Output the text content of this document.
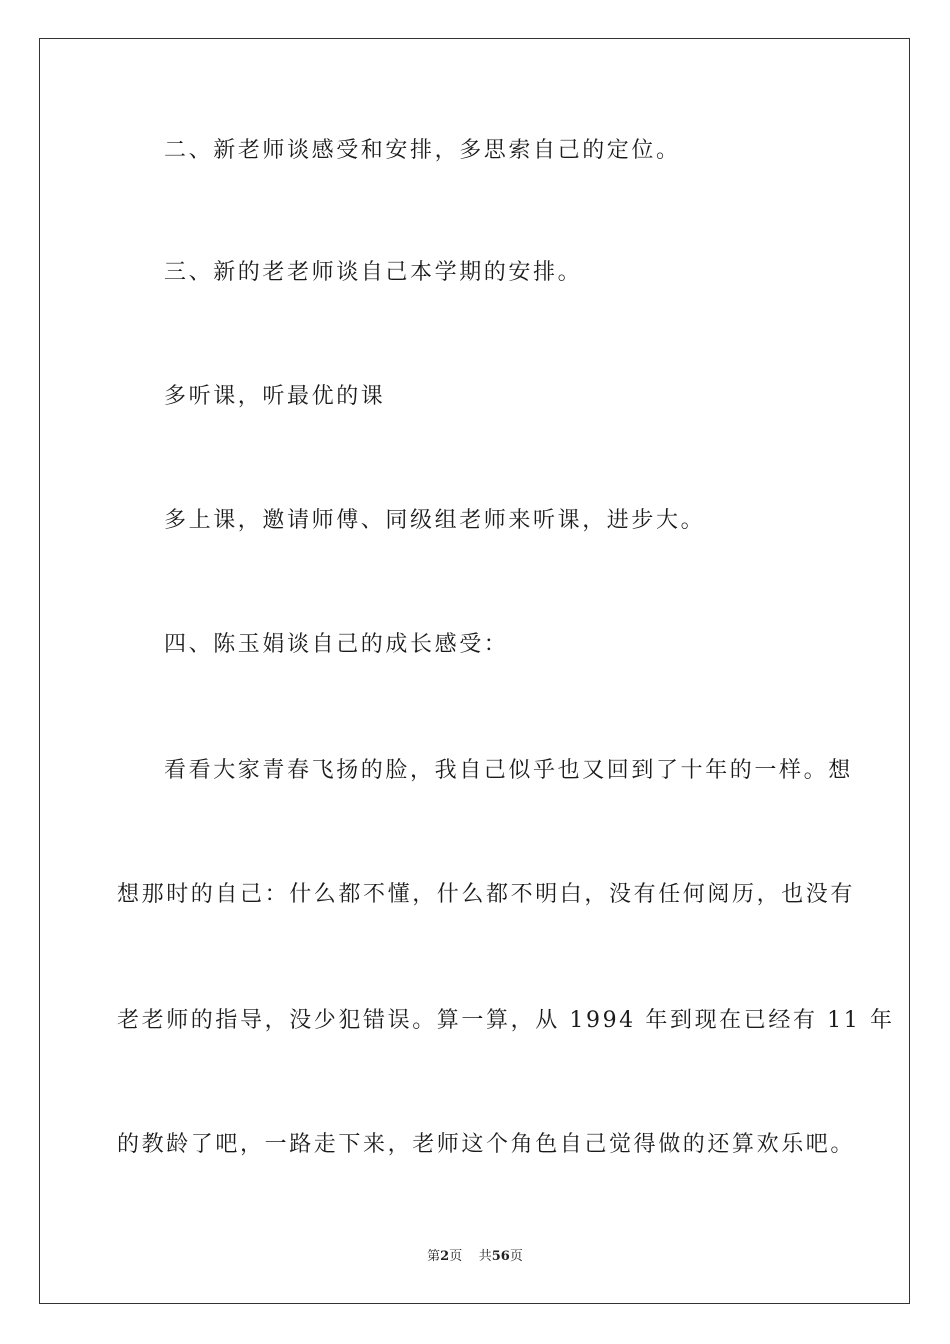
二、新老师谈感受和安排，多思索自己的定位。
三、新的老老师谈自己本学期的安排。
多听课，听最优的课
多上课，邀请师傅、同级组老师来听课，进步大。
四、陈玉娟谈自己的成长感受：
看看大家青春飞扬的脸，我自己似乎也又回到了十年的一样。想
想那时的自己：什么都不懂，什么都不明白，没有任何阅历，也没有
老老师的指导，没少犯错误。算一算，从 1994 年到现在已经有 11 年
的教龄了吧，一路走下来，老师这个角色自己觉得做的还算欢乐吧。
第2页 共56页
